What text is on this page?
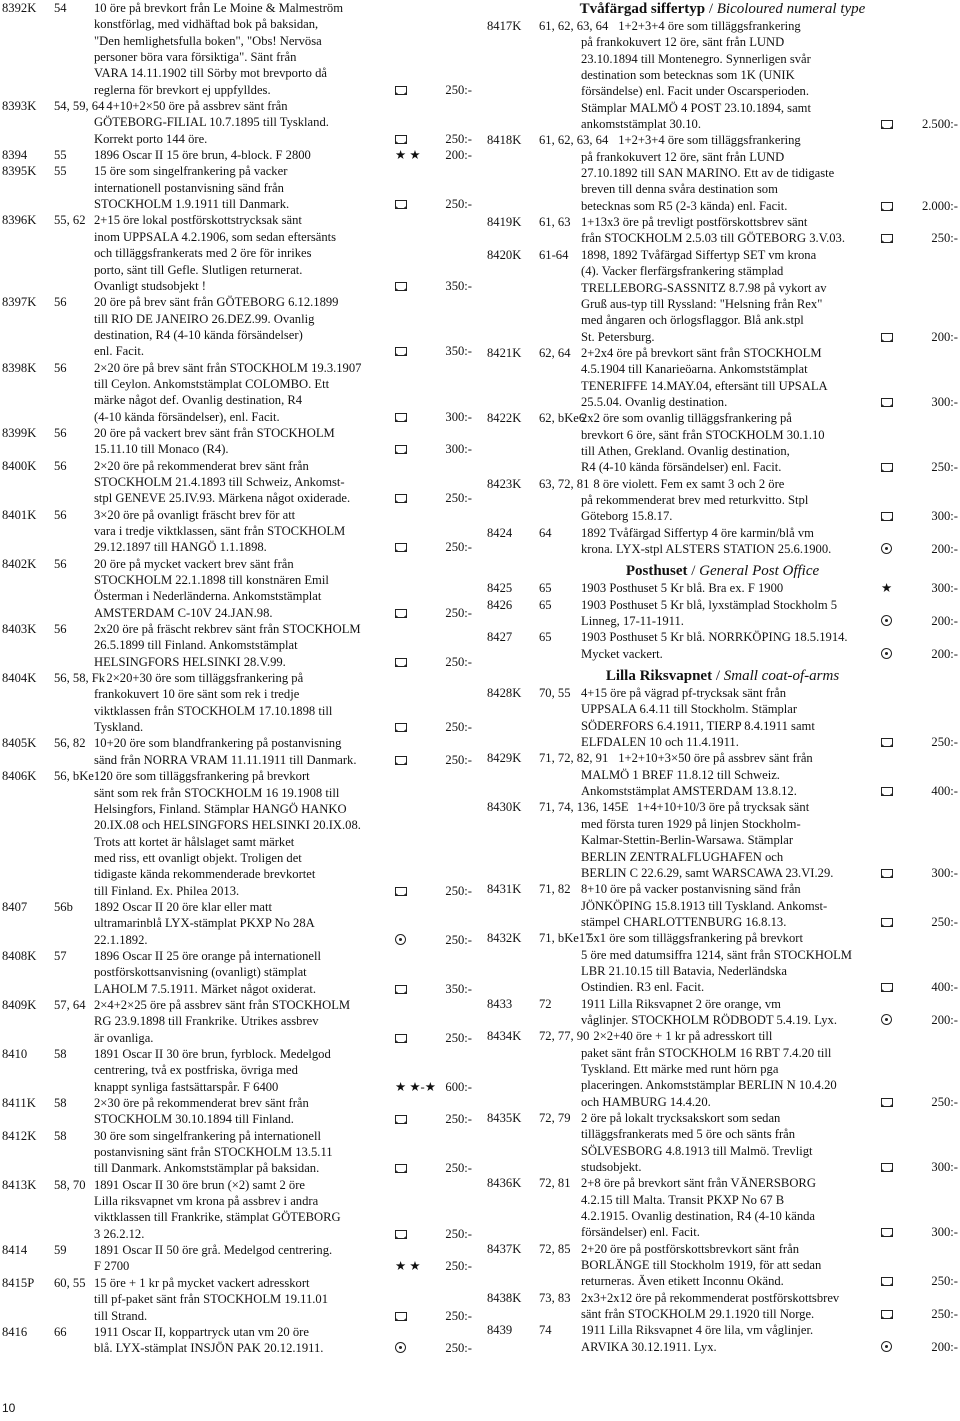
8392K 54 10 öre på brevkort från Le Moine & Malmeström
konstförlag, med vidhäftad bok på baksidan,
"Den hemlighetsfulla boken", "Obs! Nervösa
personer böra vara försiktiga". Sänt från
VARA 14.11.1902 till Sörby mot brevporto då
reglerna för brevkort ej uppfylldes.	250:-
8393K 54, 59, 64 4+10+2×50 öre på assbrev sänt från
GÖTEBORG-FILIAL 10.7.1895 till Tyskland.
Korrekt porto 144 öre.	250:-
8394 55 1896 Oscar II 15 öre brun, 4-block. F 2800	★ ★ 200:-
8395K 55 15 öre som singelfrankering på vacker
internationell postanvisning sänd från
STOCKHOLM 1.9.1911 till Danmark.	250:-
8396K 55, 62 2+15 öre lokal postförskottstrycksak sänt
inom UPPSALA 4.2.1906, som sedan eftersänts
och tilläggsfrankerats med 2 öre för inrikes
porto, sänt till Gefle. Slutligen returnerat.
Ovanligt studsobjekt !	350:-
8397K 56 20 öre på brev sänt från GÖTEBORG 6.12.1899
till RIO DE JANEIRO 26.DEZ.99. Ovanlig
destination, R4 (4-10 kända försändelser)
enl. Facit.	350:-
8398K 56 2×20 öre på brev sänt från STOCKHOLM 19.3.1907
till Ceylon. Ankomststämplat COLOMBO. Ett
märke något def. Ovanlig destination, R4
(4-10 kända försändelser), enl. Facit.	300:-
8399K 56 20 öre på vackert brev sänt från STOCKHOLM
15.11.10 till Monaco (R4).	300:-
8400K 56 2×20 öre på rekommenderat brev sänt från
STOCKHOLM 21.4.1893 till Schweiz, Ankomst-
stpl GENEVE 25.IV.93. Märkena något oxiderade.	250:-
8401K 56 3×20 öre på ovanligt fräscht brev för att
vara i tredje viktklassen, sänt från STOCKHOLM
29.12.1897 till HANGÖ 1.1.1898.	250:-
8402K 56 20 öre på mycket vackert brev sänt från
STOCKHOLM 22.1.1898 till konstnären Emil
Österman i Nederländerna. Ankomststämplat
AMSTERDAM C-10V 24.JAN.98.	250:-
8403K 56 2x20 öre på fräscht rekbrev sänt från STOCKHOLM
26.5.1899 till Finland. Ankomststämplat
HELSINGFORS HELSINKI 28.V.99.	250:-
8404K 56, 58, Fk 2×20+30 öre som tilläggsfrankering på
frankokuvert 10 öre sänt som rek i tredje
viktklassen från STOCKHOLM 17.10.1898 till
Tyskland.	250:-
8405K 56, 82 10+20 öre som blandfrankering på postanvisning
sänd från NORRA VRAM 11.11.1911 till Danmark.	250:-
8406K 56, bKe12
20 öre som tilläggsfrankering på brevkort
sänt som rek från STOCKHOLM 16 19.1908 till
Helsingfors, Finland. Stämplar HANGÖ HANKO
20.IX.08 och HELSINGFORS HELSINKI 20.IX.08.
Trots att kortet är hålslaget samt märket
med riss, ett ovanligt objekt. Troligen det
tidigaste kända rekommenderade brevkortet
till Finland. Ex. Philea 2013.	250:-
8407 56b 1892 Oscar II 20 öre klar eller matt
ultramarinblå LYX-stämplat PKXP No 28A
22.1.1892.	250:-
8408K 57 1896 Oscar II 25 öre orange på internationell
postförskottsanvisning (ovanligt) stämplat
LAHOLM 7.5.1911. Märket något oxiderat.	350:-
8409K 57, 64 2×4+2×25 öre på assbrev sänt från STOCKHOLM
RG 23.9.1898 till Frankrike. Utrikes assbrev
är ovanliga.	250:-
8410 58 1891 Oscar II 30 öre brun, fyrblock. Medelgod
centrering, två ex postfriska, övriga med
knappt synliga fastsättarspår. F 6400	★ ★-★ 600:-
8411K 58 2×30 öre på rekommenderat brev sänt från
STOCKHOLM 30.10.1894 till Finland.	250:-
8412K 58 30 öre som singelfrankering på internationell
postanvisning sänt från STOCKHOLM 13.5.11
till Danmark. Ankomststämplar på baksidan.	250:-
8413K 58, 70 1891 Oscar II 30 öre brun (×2) samt 2 öre
Lilla riksvapnet vm krona på assbrev i andra
viktklassen till Frankrike, stämplat GÖTEBORG
3 26.2.12.	250:-
8414 59 1891 Oscar II 50 öre grå. Medelgod centrering.
F 2700	★ ★ 250:-
8415P 60, 55 15 öre + 1 kr på mycket vackert adresskort
till pf-paket sänt från STOCKHOLM 19.11.01
till Strand.	250:-
8416 66 1911 Oscar II, koppartryck utan vm 20 öre
blå. LYX-stämplat INSJÖN PAK 20.12.1911.	250:-
Tvåfärgad siffertyp / Bicoloured numeral type
8417K 61, 62, 63, 64 1+2+3+4 öre som tilläggsfrankering
på frankokuvert 12 öre, sänt från LUND
23.10.1894 till Montenegro. Synnerligen svår
destination som betecknas som 1K (UNIK
försändelse) enl. Facit under Oscarsperioden.
Stämplar MALMÖ 4 POST 23.10.1894, samt
ankomststämplat 30.10.	2.500:-
8418K 61, 62, 63, 64 1+2+3+4 öre som tilläggsfrankering
på frankokuvert 12 öre, sänt från LUND
27.10.1892 till SAN MARINO. Ett av de tidigaste
breven till denna svåra destination som
betecknas som R5 (2-3 kända) enl. Facit.	2.000:-
8419K 61, 63 1+13x3 öre på trevligt postförskottsbrev sänt
från STOCKHOLM 2.5.03 till GÖTEBORG 3.V.03.	250:-
8420K 61-64 1898, 1892 Tvåfärgad Siffertyp SET vm krona
(4). Vacker flerfärgsfrankering stämplad
TRELLEBORG-SASSNITZ 8.7.98 på vykort av
Gruß aus-typ till Ryssland: "Helsning från Rex"
med ångaren och örlogsflaggor. Blå ank.stpl
St. Petersburg.	200:-
8421K 62, 64 2+2x4 öre på brevkort sänt från STOCKHOLM
4.5.1904 till Kanarieöarna. Ankomststämplat
TENERIFFE 14.MAY.04, eftersänt till UPSALA
25.5.04. Ovanlig destination.	300:-
8422K 62, bKe6
2x2 öre som ovanlig tilläggsfrankering på
brevkort 6 öre, sänt från STOCKHOLM 30.1.10
till Athen, Grekland. Ovanlig destination,
R4 (4-10 kända försändelser) enl. Facit.	250:-
8423K 63, 72, 81 8 öre violett. Fem ex samt 3 och 2 öre
på rekommenderat brev med returkvitto. Stpl
Göteborg 15.8.17.	300:-
8424 64 1892 Tvåfärgad Siffertyp 4 öre karmin/blå vm
krona. LYX-stpl ALSTERS STATION 25.6.1900.	200:-
Posthuset / General Post Office
8425 65 1903 Posthuset 5 Kr blå. Bra ex. F 1900	★	300:-
8426 65 1903 Posthuset 5 Kr blå, lyxstämplad Stockholm 5
Linneg, 17-11-1911.	200:-
8427 65 1903 Posthuset 5 Kr blå. NORRKÖPING 18.5.1914.
Mycket vackert.	200:-
Lilla Riksvapnet / Small coat-of-arms
8428K 70, 55 4+15 öre på vägrad pf-trycksak sänt från
UPPSALA 6.4.11 till Stockholm. Stämplar
SÖDERFORS 6.4.1911, TIERP 8.4.1911 samt
ELFDALEN 10 och 11.4.1911.	250:-
8429K 71, 72, 82, 91 1+2+10+3×50 öre på assbrev sänt från
MALMÖ 1 BREF 11.8.12 till Schweiz.
Ankomststämplat AMSTERDAM 13.8.12.	400:-
8430K 71, 74, 136, 145E 1+4+10+10/3 öre på trycksak sänt
med första turen 1929 på linjen Stockholm-
Kalmar-Stettin-Berlin-Warsawa. Stämplar
BERLIN ZENTRALFLUGHAFEN och
BERLIN C 22.6.29, samt WARSCAWA 23.VI.29.	300:-
8431K 71, 82 8+10 öre på vacker postanvisning sänd från
JÖNKÖPING 15.8.1913 till Tyskland. Ankomst-
stämpel CHARLOTTENBURG 16.8.13.	250:-
8432K 71, bKe17
5x1 öre som tilläggsfrankering på brevkort
5 öre med datumsiffra 1214, sänt från STOCKHOLM
LBR 21.10.15 till Batavia, Nederländska
Ostindien. R3 enl. Facit.	400:-
8433 72 1911 Lilla Riksvapnet 2 öre orange, vm
våglinjer. STOCKHOLM RÖDBODT 5.4.19. Lyx.	200:-
8434K 72, 77, 90 2×2+40 öre + 1 kr på adresskort till
paket sänt från STOCKHOLM 16 RBT 7.4.20 till
Tyskland. Ett märke med runt hörn pga
placeringen. Ankomststämplar BERLIN N 10.4.20
och HAMBURG 14.4.20.	250:-
8435K 72, 79 2 öre på lokalt trycksakskort som sedan
tilläggsfrankerats med 5 öre och sänts från
SÖLVESBORG 4.8.1913 till Malmö. Trevligt
studsobjekt.	300:-
8436K 72, 81 2+8 öre på brevkort sänt från VÄNERSBORG
4.2.15 till Malta. Transit PKXP No 67 B
4.2.1915. Ovanlig destination, R4 (4-10 kända
försändelser) enl. Facit.	300:-
8437K 72, 85 2+20 öre på postförskottsbrevkort sänt från
BORLÄNGE till Stockholm 1919, för att sedan
returneras. Även etikett Inconnu Okänd.	250:-
8438K 73, 83 2x3+2x12 öre på rekommenderat postförskottsbrev
sänt från STOCKHOLM 29.1.1920 till Norge.	250:-
8439 74 1911 Lilla Riksvapnet 4 öre lila, vm våglinjer.
ARVIKA 30.12.1911. Lyx.	200:-
10
